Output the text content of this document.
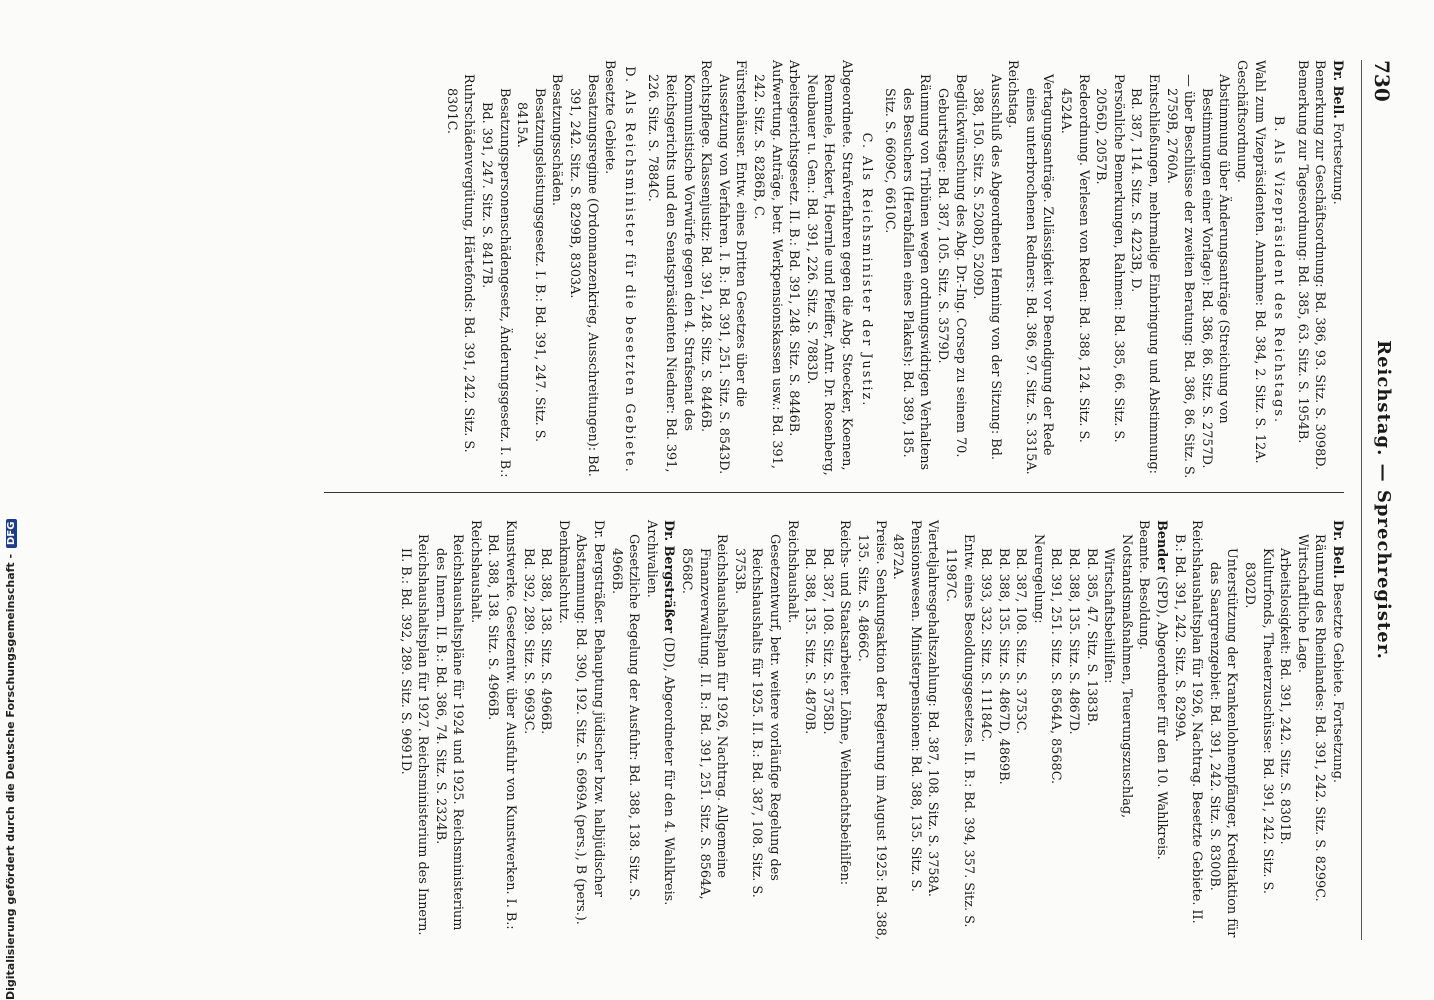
730
Reichstag. — Sprechregister.
Dr. Bell. Fortsetzung.
Bemerkung zur Geschäftsordnung: Bd. 386, 93. Sitz. S. 3098D.
Bemerkung zur Tagesordnung: Bd. 385, 63. Sitz. S. 1954B.
B. Als Vizepräsident des Reichstags.
Wahl zum Vizepräsidenten. Annahme: Bd. 384, 2. Sitz. S. 12A.
Geschäftsordnung.
Abstimmung über Änderungsanträge (Streichung von Bestimmungen einer Vorlage): Bd. 386, 86. Sitz. S. 2757D.
— über Beschlüsse der zweiten Beratung: Bd. 386, 86. Sitz. S. 2759B, 2760A.
Entschließungen, mehrmalige Einbringung und Abstimmung: Bd. 387, 114. Sitz. S. 4223B, D.
Persönliche Bemerkungen, Rahmen: Bd. 385, 66. Sitz. S. 2056D, 2057B.
Redeordnung. Verlesen von Reden: Bd. 388, 124. Sitz. S. 4524A.
Vertagungsanträge. Zulässigkeit vor Beendigung der Rede eines unterbrochenen Redners: Bd. 386, 97. Sitz. S. 3315A.
Reichstag.
Ausschluß des Abgeordneten Henning von der Sitzung: Bd. 388, 150. Sitz. S. 5208D, 5209D.
Beglückwünschung des Abg. Dr.-Ing. Corsep zu seinem 70. Geburtstage: Bd. 387, 105. Sitz. S. 3579D.
Räumung von Tribünen wegen ordnungswidrigen Verhaltens des Besuchers (Herabfallen eines Plakats): Bd. 389, 185. Sitz. S. 6609C, 6610C.
C. Als Reichsminister der Justiz.
Abgeordnete. Strafverfahren gegen die Abg. Stoecker, Koenen, Remmele, Heckert, Hoernle und Pfeiffer, Antr. Dr. Rosenberg, Neubauer u. Gen.: Bd. 391, 226. Sitz. S. 7883D.
Arbeitsgerichtsgesetz. II. B.: Bd. 391, 248. Sitz. S. 8446B.
Aufwertung. Anträge, betr. Werkpensionskassen usw.: Bd. 391, 242. Sitz. S. 8286B, C.
Fürstenhäuser. Entw. eines Dritten Gesetzes über die Aussetzung von Verfahren. I. B.: Bd. 391, 251. Sitz. S. 8543D.
Rechtspflege. Klassenjustiz: Bd. 391, 248. Sitz. S. 8446B. Kommunistische Vorwürfe gegen den 4. Strafsenat des Reichsgerichts und den Senatspräsidenten Niedner: Bd. 391, 226. Sitz. S. 7884C.
D. Als Reichsminister für die besetzten Gebiete.
Besetzte Gebiete.
Besatzungsregime (Ordonnanzenkrieg, Ausschreitungen): Bd. 391, 242. Sitz. S. 8299B, 8303A.
Besatzungsschäden.
Besatzungsleistungsgesetz. I. B.: Bd. 391, 247. Sitz. S. 8415A.
Besatzungspersonenschädengesetz, Änderungsgesetz. I. B.: Bd. 391, 247. Sitz. S. 8417B.
Ruhrschädenvergütung, Härtefonds: Bd. 391, 242. Sitz. S. 8301C.
Dr. Bell. Besetzte Gebiete. Fortsetzung.
Räumung des Rheinlandes: Bd. 391, 242. Sitz. S. 8299C.
Wirtschaftliche Lage.
Arbeitslosigkeit: Bd. 391, 242. Sitz. S. 8301B.
Kulturfonds, Theaterzuschüsse: Bd. 391, 242. Sitz. S. 8302D.
Unterstützung der Krankenlohnempfänger, Kreditaktion für das Saargrenzgebiet: Bd. 391, 242. Sitz. S. 8300B.
Reichshaushaltsplan für 1926, Nachtrag. Besetzte Gebiete. II. B.: Bd. 391, 242. Sitz. S. 8299A.
Bender (SPD), Abgeordneter für den 10. Wahlkreis.
Beamte. Besoldung.
Notstandsmaßnahmen, Teuerungszuschlag, Wirtschaftsbeihilfen:
Bd. 385, 47. Sitz. S. 1383B.
Bd. 388, 135. Sitz. S. 4867D.
Bd. 391, 251. Sitz. S. 8564A, 8568C.
Neuregelung:
Bd. 387, 108. Sitz. S. 3753C.
Bd. 388, 135. Sitz. S. 4867D, 4869B.
Bd. 393, 332. Sitz. S. 11184C.
Entw. eines Besoldungsgesetzes. II. B.: Bd. 394, 357. Sitz. S. 11987C.
Vierteljahresgehaltszahlung: Bd. 387, 108. Sitz. S. 3758A.
Pensionswesen. Ministerpensionen: Bd. 388, 135. Sitz. S. 4872A.
Preise. Senkungsaktion der Regierung im August 1925: Bd. 388, 135. Sitz. S. 4866C.
Reichs- und Staatsarbeiter. Löhne, Weihnachtsbeihilfen:
Bd. 387, 108. Sitz. S. 3758D.
Bd. 388, 135. Sitz. S. 4870B.
Reichshaushalt.
Gesetzentwurf, betr. weitere vorläufige Regelung des Reichshaushalts für 1925. II. B.: Bd. 387, 108. Sitz. S. 3753B.
Reichshaushaltsplan für 1926, Nachtrag. Allgemeine Finanzverwaltung. II. B.: Bd. 391, 251. Sitz. S. 8564A, 8568C.
Dr. Bergsträßer (DD), Abgeordneter für den 4. Wahlkreis.
Archivalien.
Gesetzliche Regelung der Ausfuhr: Bd. 388, 138. Sitz. S. 4966B.
Dr. Bergsträßer. Behauptung jüdischer bzw. halbjüdischer Abstammung: Bd. 390, 192. Sitz. S. 6969A (pers.), B (pers.).
Denkmalschutz.
Bd. 388, 138. Sitz. S. 4966B.
Bd. 392, 289. Sitz. S. 9693C.
Kunstwerke. Gesetzentw. über Ausfuhr von Kunstwerken. I. B.: Bd. 388, 138. Sitz. S. 4966B.
Reichshaushalt.
Reichshaushaltspläne für 1924 und 1925. Reichsministerium des Innern. II. B.: Bd. 386, 74. Sitz. S. 2324B.
Reichshaushaltsplan für 1927. Reichsministerium des Innern. II. B.: Bd. 392, 289. Sitz. S. 9691D.
Digitalisierung gefördert durch die Deutsche Forschungsgemeinschaft -DFG
